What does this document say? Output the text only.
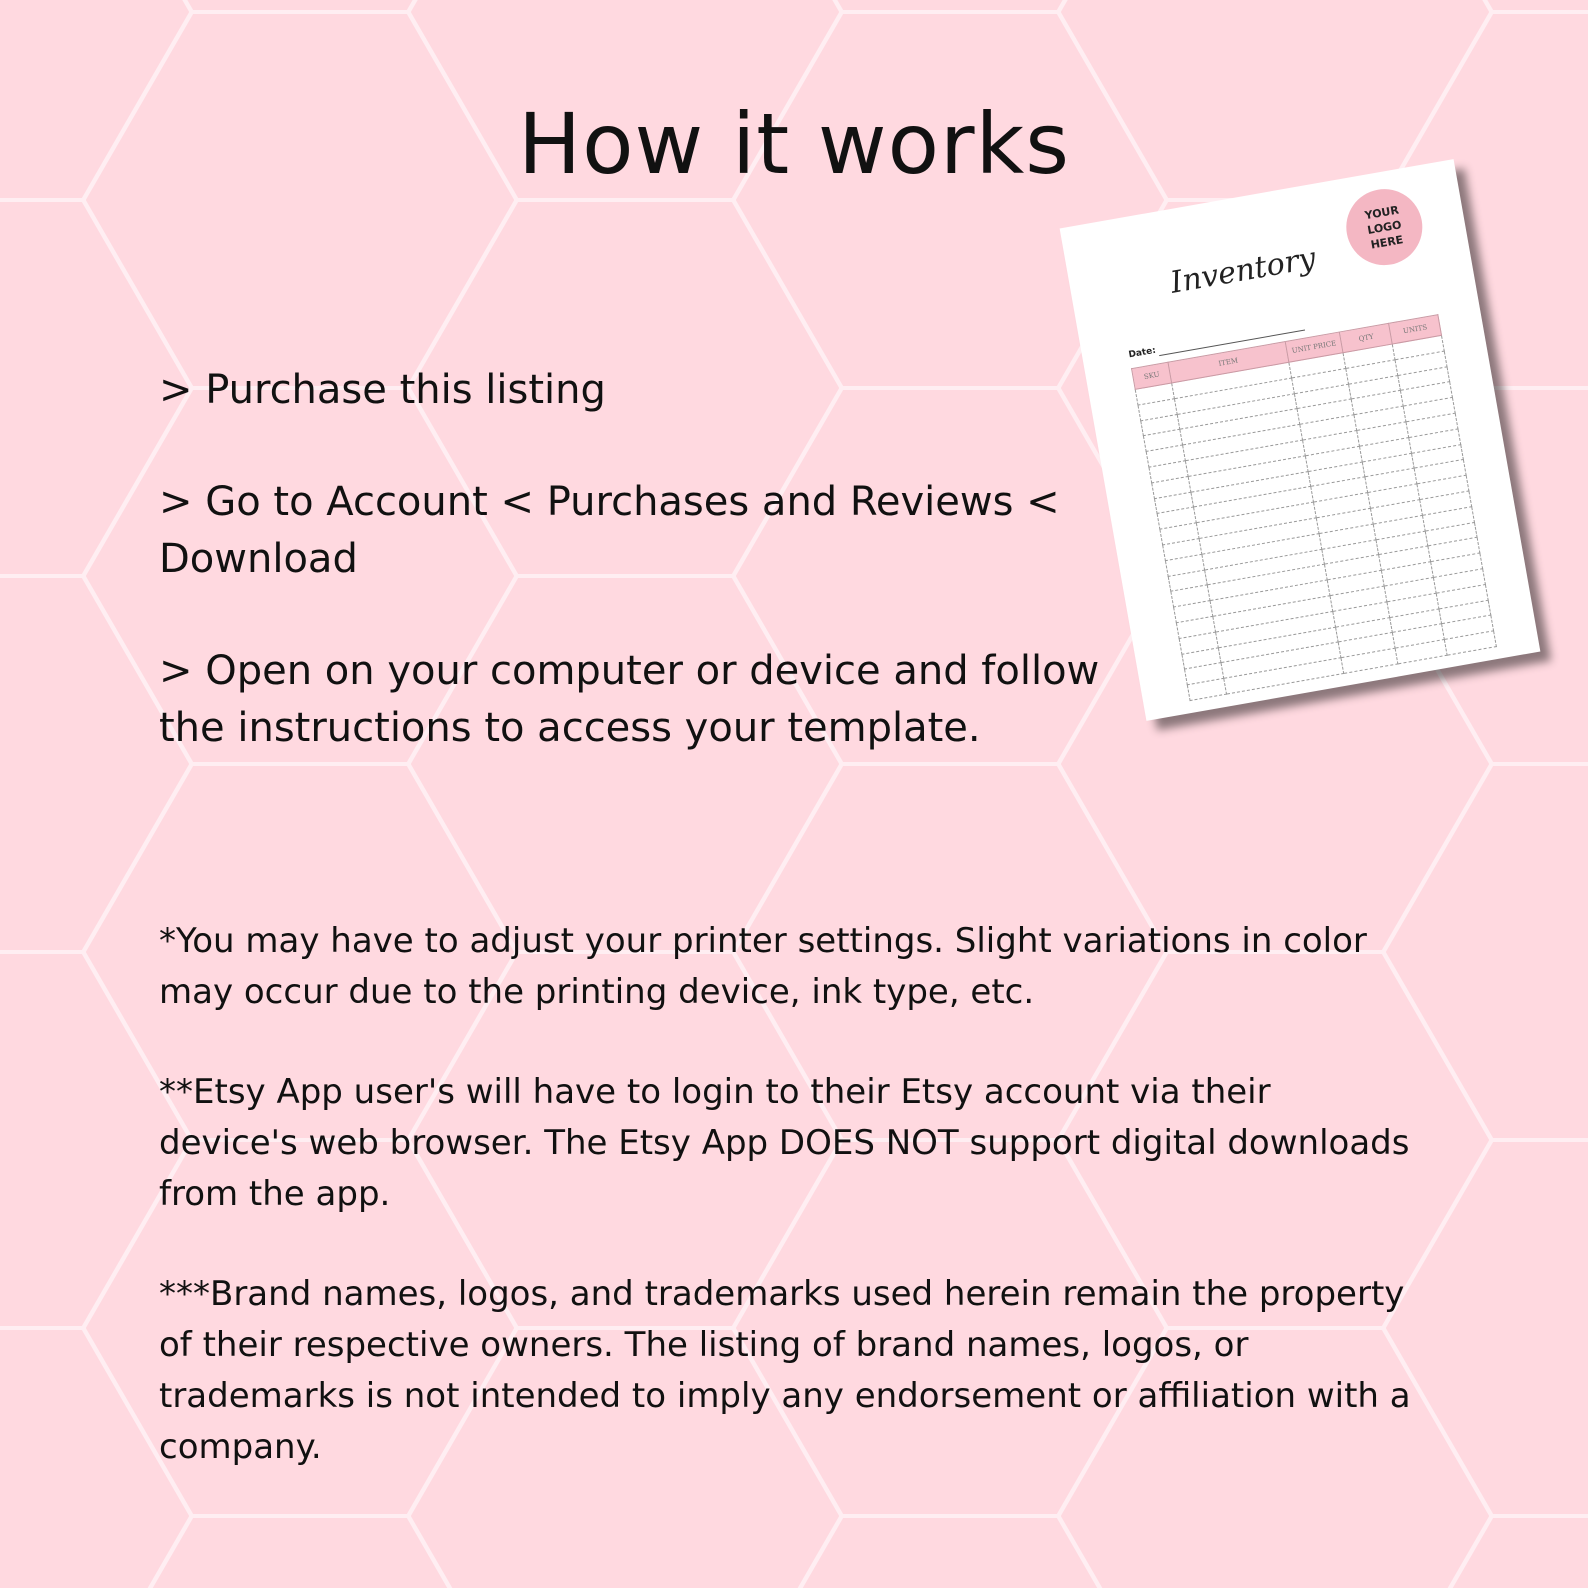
How it works

> Purchase this listing

> Go to Account < Purchases and Reviews < Download

> Open on your computer or device and follow the instructions to access your template.

*You may have to adjust your printer settings. Slight variations in color may occur due to the printing device, ink type, etc.

**Etsy App user's will have to login to their Etsy account via their device's web browser. The Etsy App DOES NOT support digital downloads from the app.

***Brand names, logos, and trademarks used herein remain the property of their respective owners. The listing of brand names, logos, or trademarks is not intended to imply any endorsement or affiliation with a company.

Inventory
YOUR
LOGO
HERE
Date:
SKU	ITEM	UNIT PRICE	QTY	UNITS
